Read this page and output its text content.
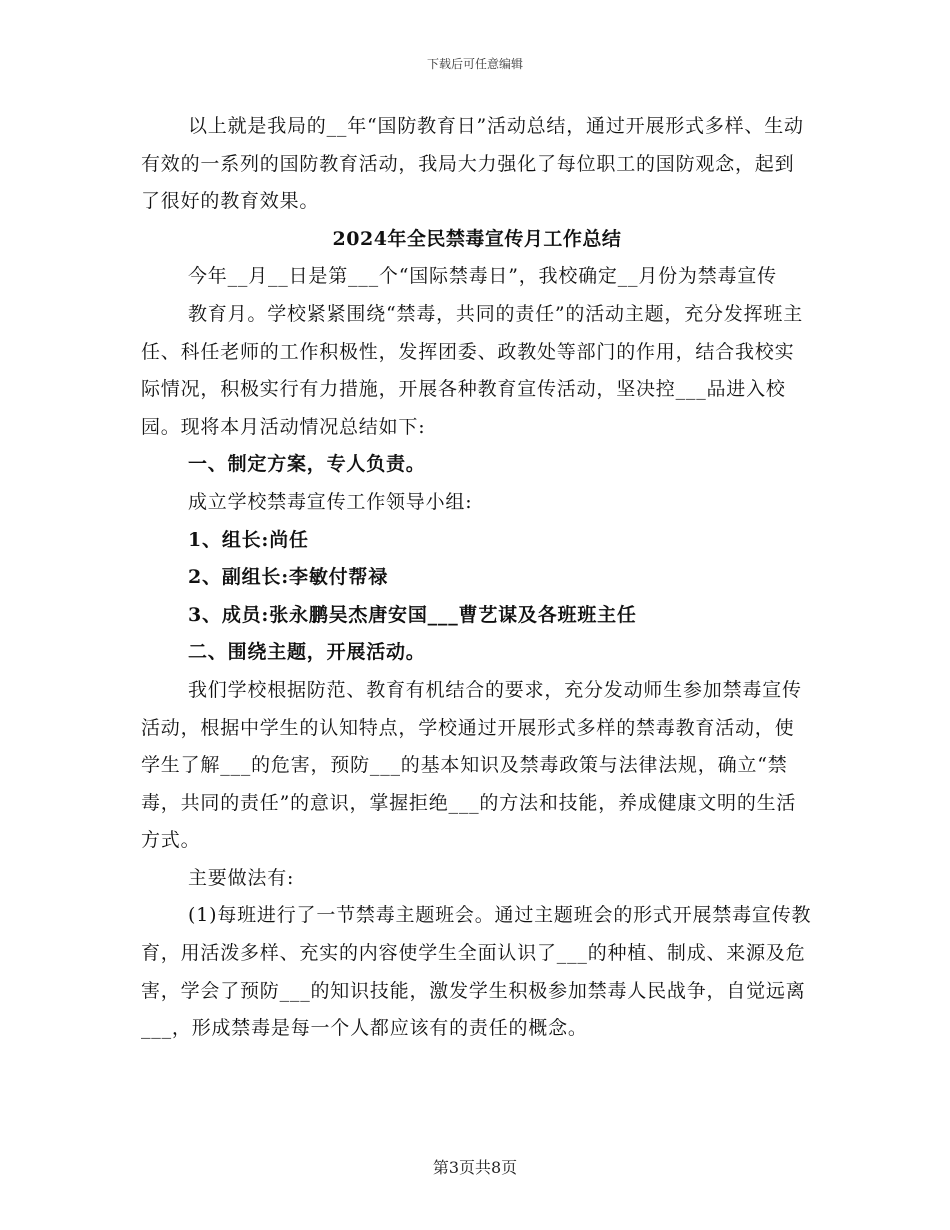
下载后可任意编辑

以上就是我局的__年“国防教育日”活动总结，通过开展形式多样、生动有效的一系列的国防教育活动，我局大力强化了每位职工的国防观念，起到了很好的教育效果。

2024年全民禁毒宣传月工作总结

今年__月__日是第___个“国际禁毒日”，我校确定__月份为禁毒宣传

教育月。学校紧紧围绕“禁毒，共同的责任”的活动主题，充分发挥班主任、科任老师的工作积极性，发挥团委、政教处等部门的作用，结合我校实际情况，积极实行有力措施，开展各种教育宣传活动，坚决控___品进入校园。现将本月活动情况总结如下:

一、制定方案，专人负责。

成立学校禁毒宣传工作领导小组:

1、组长:尚任

2、副组长:李敏付帮禄

3、成员:张永鹏吴杰唐安国___曹艺谋及各班班主任

二、围绕主题，开展活动。

我们学校根据防范、教育有机结合的要求，充分发动师生参加禁毒宣传活动，根据中学生的认知特点，学校通过开展形式多样的禁毒教育活动，使学生了解___的危害，预防___的基本知识及禁毒政策与法律法规，确立“禁毒，共同的责任”的意识，掌握拒绝___的方法和技能，养成健康文明的生活方式。

主要做法有:

(1)每班进行了一节禁毒主题班会。通过主题班会的形式开展禁毒宣传教育，用活泼多样、充实的内容使学生全面认识了___的种植、制成、来源及危害，学会了预防___的知识技能，激发学生积极参加禁毒人民战争，自觉远离___，形成禁毒是每一个人都应该有的责任的概念。

第3页共8页
